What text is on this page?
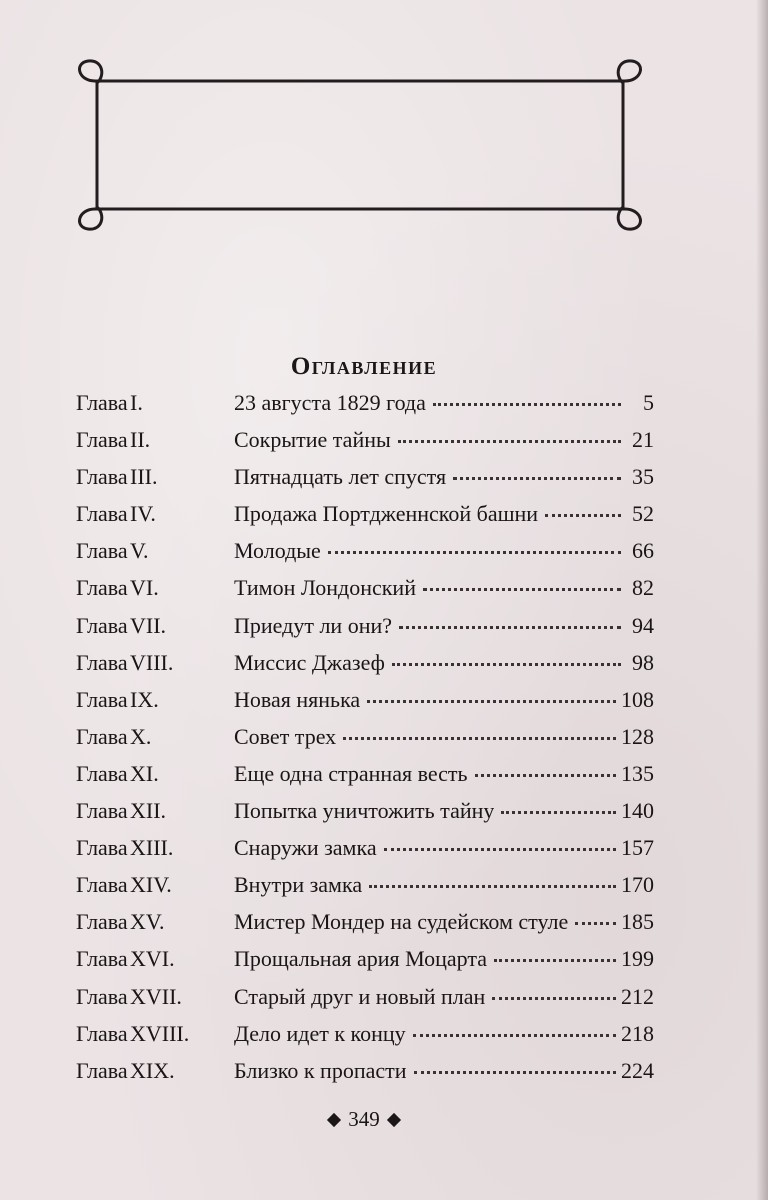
Оглавление
Глава I.	23 августа 1829 года	5
Глава II.	Сокрытие тайны	21
Глава III.	Пятнадцать лет спустя	35
Глава IV.	Продажа Портдженнской башни	52
Глава V.	Молодые	66
Глава VI.	Тимон Лондонский	82
Глава VII.	Приедут ли они?	94
Глава VIII.	Миссис Джазеф	98
Глава IX.	Новая нянька	108
Глава X.	Совет трех	128
Глава XI.	Еще одна странная весть	135
Глава XII.	Попытка уничтожить тайну	140
Глава XIII.	Снаружи замка	157
Глава XIV.	Внутри замка	170
Глава XV.	Мистер Мондер на судейском стуле 185
Глава XVI.	Прощальная ария Моцарта	199
Глава XVII.	Старый друг и новый план	212
Глава XVIII.	Дело идет к концу	218
Глава XIX.	Близко к пропасти	224
349
